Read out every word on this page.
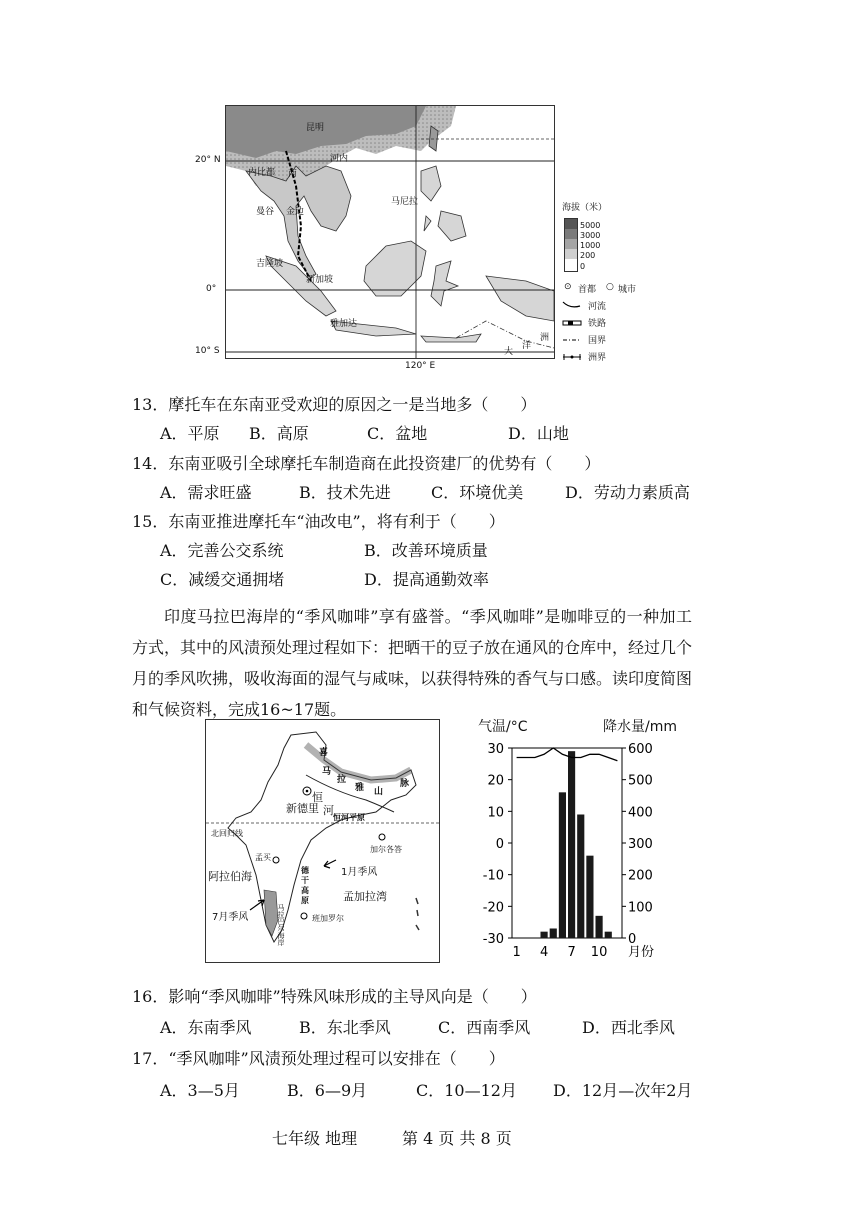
昆明
河内
内比都 南
曼谷 金边
马尼拉
吉隆坡
新加坡
雅加达
大
洋
洲
20° N
0°
10° S
120° E
海拔（米）
5000
3000
1000
200
0
⊙ 首都 ○ 城市
河流
铁路
国界
洲界
13．摩托车在东南亚受欢迎的原因之一是当地多（　　）
A．平原 B．高原	C．盆地	D．山地
14．东南亚吸引全球摩托车制造商在此投资建厂的优势有（　　）
A．需求旺盛	B．技术先进	C．环境优美	D．劳动力素质高
15．东南亚推进摩托车“油改电”，将有利于（　　）
A．完善公交系统	B．改善环境质量
C．减缓交通拥堵	D．提高通勤效率
印度马拉巴海岸的“季风咖啡”享有盛誉。“季风咖啡”是咖啡豆的一种加工方式，其中的风渍预处理过程如下：把晒干的豆子放在通风的仓库中，经过几个月的季风吹拂，吸收海面的湿气与咸味，以获得特殊的香气与口感。读印度简图和气候资料，完成16~17题。
喜
马
拉
雅 山
脉
恒
新德里 河
恒河平原
北回归线
加尔各答
孟买
阿拉伯海	1月季风
德
干
高
原	孟加拉湾
7月季风	班加罗尔
马拉巴尔海岸
气温/°C	降水量/mm
30
20
10
0
-10
-20
-30
600
500
400
300
200
100
0
1 4 7 10 月份
16．影响“季风咖啡”特殊风味形成的主导风向是（　　）
A．东南季风	B．东北季风	C．西南季风	D．西北季风
17．“季风咖啡”风渍预处理过程可以安排在（　　）
A．3—5月	B．6—9月	C．10—12月 D．12月—次年2月
七年级 地理	第 4 页 共 8 页
